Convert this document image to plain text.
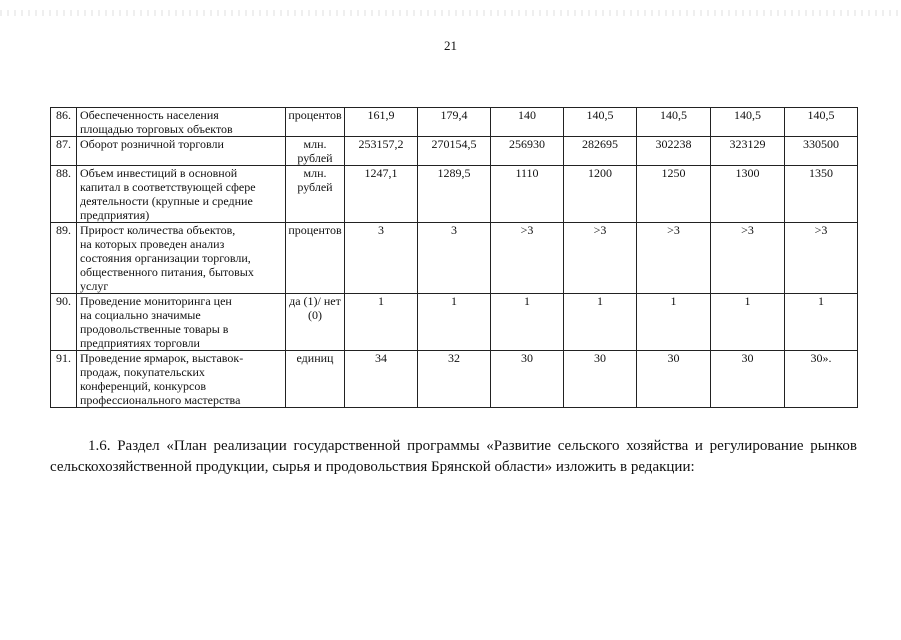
21
86.	Обеспеченность населения
площадью торговых объектов	процентов	161,9	179,4	140	140,5	140,5	140,5	140,5
87.	Оборот розничной торговли	млн. рублей	253157,2	270154,5	256930	282695	302238	323129	330500
88.	Объем инвестиций в основной
капитал в соответствующей сфере
деятельности (крупные и средние
предприятия)	млн. рублей	1247,1	1289,5	1110	1200	1250	1300	1350
89.	Прирост количества объектов,
на которых проведен анализ
состояния организации торговли,
общественного питания, бытовых
услуг	процентов	3	3	>3	>3	>3	>3	>3
90.	Проведение мониторинга цен
на социально значимые
продовольственные товары в
предприятиях торговли	да (1)/ нет (0)	1	1	1	1	1	1	1
91.	Проведение ярмарок, выставок-
продаж, покупательских
конференций, конкурсов
профессионального мастерства	единиц	34	32	30	30	30	30	30».
1.6. Раздел «План реализации государственной программы «Развитие сельского хозяйства и регулирование рынков сельскохозяйственной продукции, сырья и продовольствия Брянской области» изложить в редакции:
